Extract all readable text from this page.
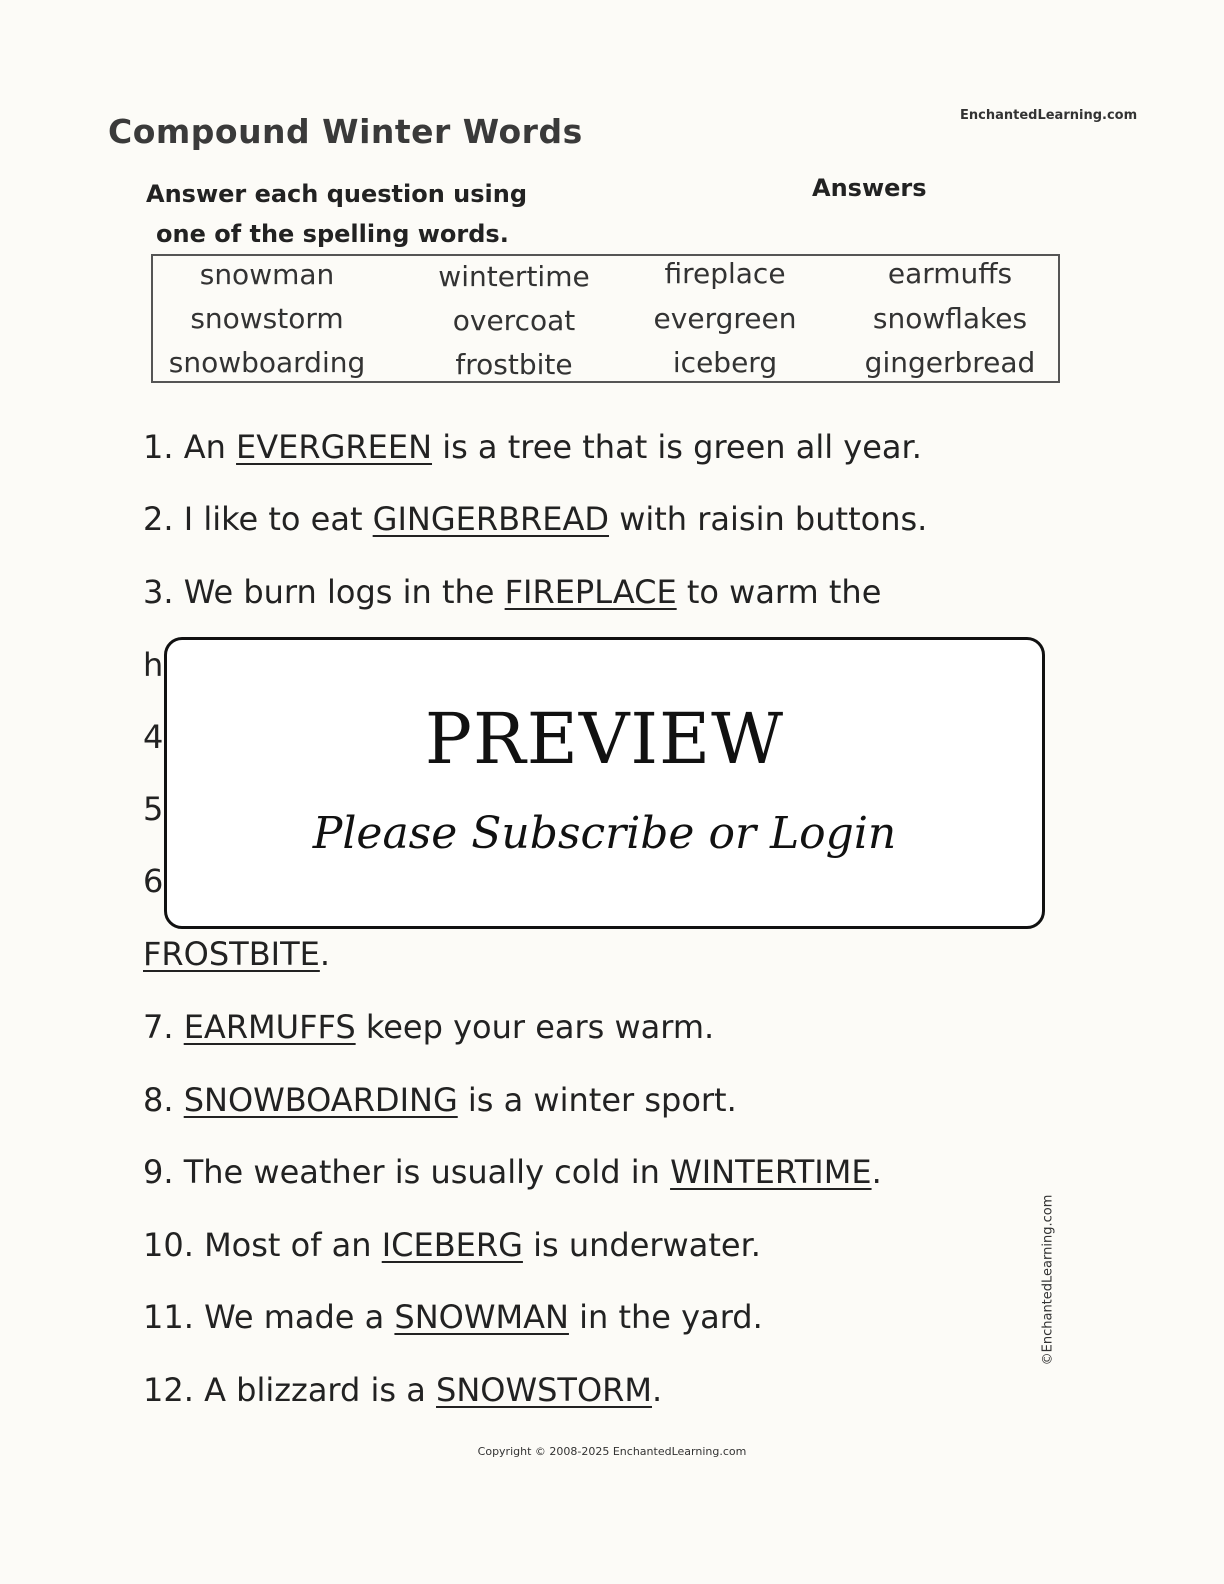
EnchantedLearning.com
Compound Winter Words
Answer each question using
one of the spelling words.
Answers
snowman	wintertime	fireplace	earmuffs
snowstorm	overcoat	evergreen	snowflakes
snowboarding	frostbite	iceberg	gingerbread
1. An EVERGREEN is a tree that is green all year.
2. I like to eat GINGERBREAD with raisin buttons.
3. We burn logs in the FIREPLACE to warm the
h
4
5
6
FROSTBITE.
7. EARMUFFS keep your ears warm.
8. SNOWBOARDING is a winter sport.
9. The weather is usually cold in WINTERTIME.
10. Most of an ICEBERG is underwater.
11. We made a SNOWMAN in the yard.
12. A blizzard is a SNOWSTORM.
PREVIEW
Please Subscribe or Login
©EnchantedLearning.com
Copyright © 2008-2025 EnchantedLearning.com
